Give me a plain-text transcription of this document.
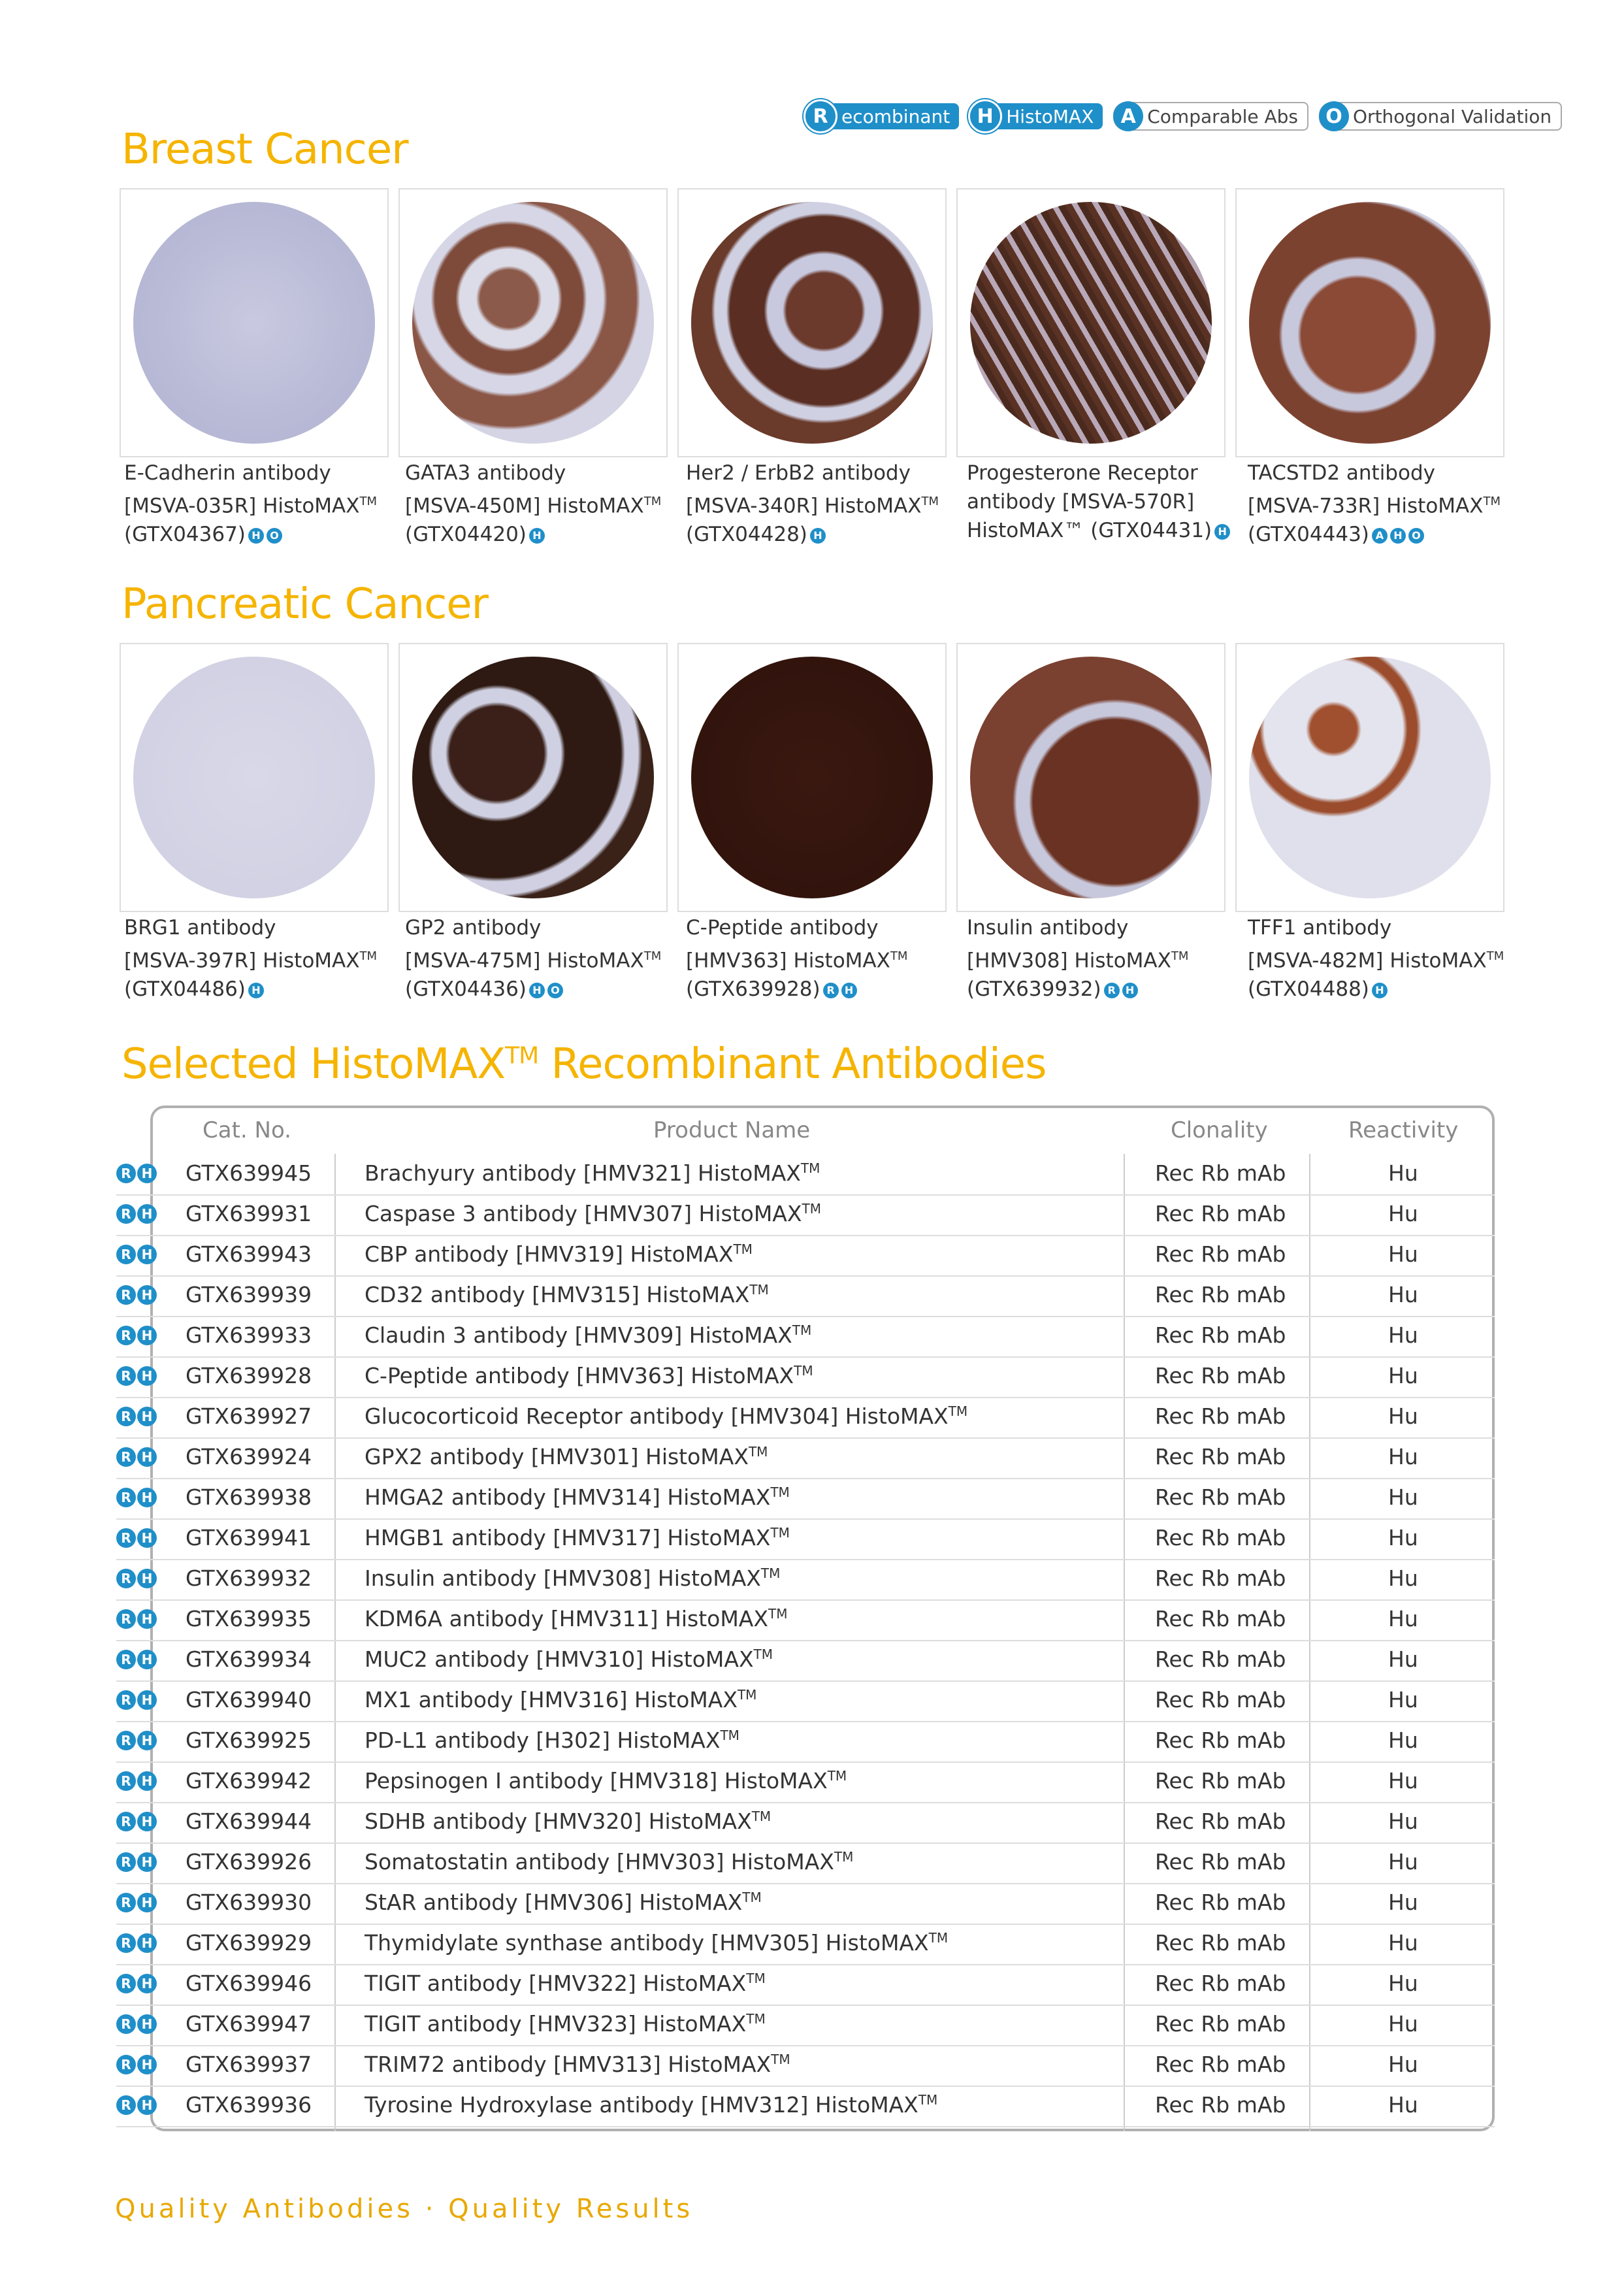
R ecombinant	H HistoMAX	A Comparable Abs	O Orthogonal Validation
Breast Cancer
E-Cadherin antibody
[MSVA-035R] HistoMAX™
(GTX04367) H O
GATA3 antibody
[MSVA-450M] HistoMAX™
(GTX04420) H
Her2 / ErbB2 antibody
[MSVA-340R] HistoMAX™
(GTX04428) H
Progesterone Receptor
antibody [MSVA-570R]
HistoMAX™ (GTX04431) H
TACSTD2 antibody
[MSVA-733R] HistoMAX™
(GTX04443) A H O
Pancreatic Cancer
BRG1 antibody
[MSVA-397R] HistoMAX™
(GTX04486) H
GP2 antibody
[MSVA-475M] HistoMAX™
(GTX04436) H O
C-Peptide antibody
[HMV363] HistoMAX™
(GTX639928) R H
Insulin antibody
[HMV308] HistoMAX™
(GTX639932) R H
TFF1 antibody
[MSVA-482M] HistoMAX™
(GTX04488) H
Selected HistoMAX™ Recombinant Antibodies
Cat. No.	Product Name	Clonality	Reactivity
R H GTX639945 Brachyury antibody [HMV321] HistoMAX™	Rec Rb mAb	Hu
R H GTX639931 Caspase 3 antibody [HMV307] HistoMAX™	Rec Rb mAb	Hu
R H GTX639943 CBP antibody [HMV319] HistoMAX™	Rec Rb mAb	Hu
R H GTX639939 CD32 antibody [HMV315] HistoMAX™	Rec Rb mAb	Hu
R H GTX639933 Claudin 3 antibody [HMV309] HistoMAX™	Rec Rb mAb	Hu
R H GTX639928 C-Peptide antibody [HMV363] HistoMAX™	Rec Rb mAb	Hu
R H GTX639927 Glucocorticoid Receptor antibody [HMV304] HistoMAX™	Rec Rb mAb	Hu
R H GTX639924 GPX2 antibody [HMV301] HistoMAX™	Rec Rb mAb	Hu
R H GTX639938 HMGA2 antibody [HMV314] HistoMAX™	Rec Rb mAb	Hu
R H GTX639941 HMGB1 antibody [HMV317] HistoMAX™	Rec Rb mAb	Hu
R H GTX639932 Insulin antibody [HMV308] HistoMAX™	Rec Rb mAb	Hu
R H GTX639935 KDM6A antibody [HMV311] HistoMAX™	Rec Rb mAb	Hu
R H GTX639934 MUC2 antibody [HMV310] HistoMAX™	Rec Rb mAb	Hu
R H GTX639940 MX1 antibody [HMV316] HistoMAX™	Rec Rb mAb	Hu
R H GTX639925 PD-L1 antibody [H302] HistoMAX™	Rec Rb mAb	Hu
R H GTX639942 Pepsinogen I antibody [HMV318] HistoMAX™	Rec Rb mAb	Hu
R H GTX639944 SDHB antibody [HMV320] HistoMAX™	Rec Rb mAb	Hu
R H GTX639926 Somatostatin antibody [HMV303] HistoMAX™	Rec Rb mAb	Hu
R H GTX639930 StAR antibody [HMV306] HistoMAX™	Rec Rb mAb	Hu
R H GTX639929 Thymidylate synthase antibody [HMV305] HistoMAX™	Rec Rb mAb	Hu
R H GTX639946 TIGIT antibody [HMV322] HistoMAX™	Rec Rb mAb	Hu
R H GTX639947 TIGIT antibody [HMV323] HistoMAX™	Rec Rb mAb	Hu
R H GTX639937 TRIM72 antibody [HMV313] HistoMAX™	Rec Rb mAb	Hu
R H GTX639936 Tyrosine Hydroxylase antibody [HMV312] HistoMAX™	Rec Rb mAb	Hu
Quality Antibodies · Quality Results
